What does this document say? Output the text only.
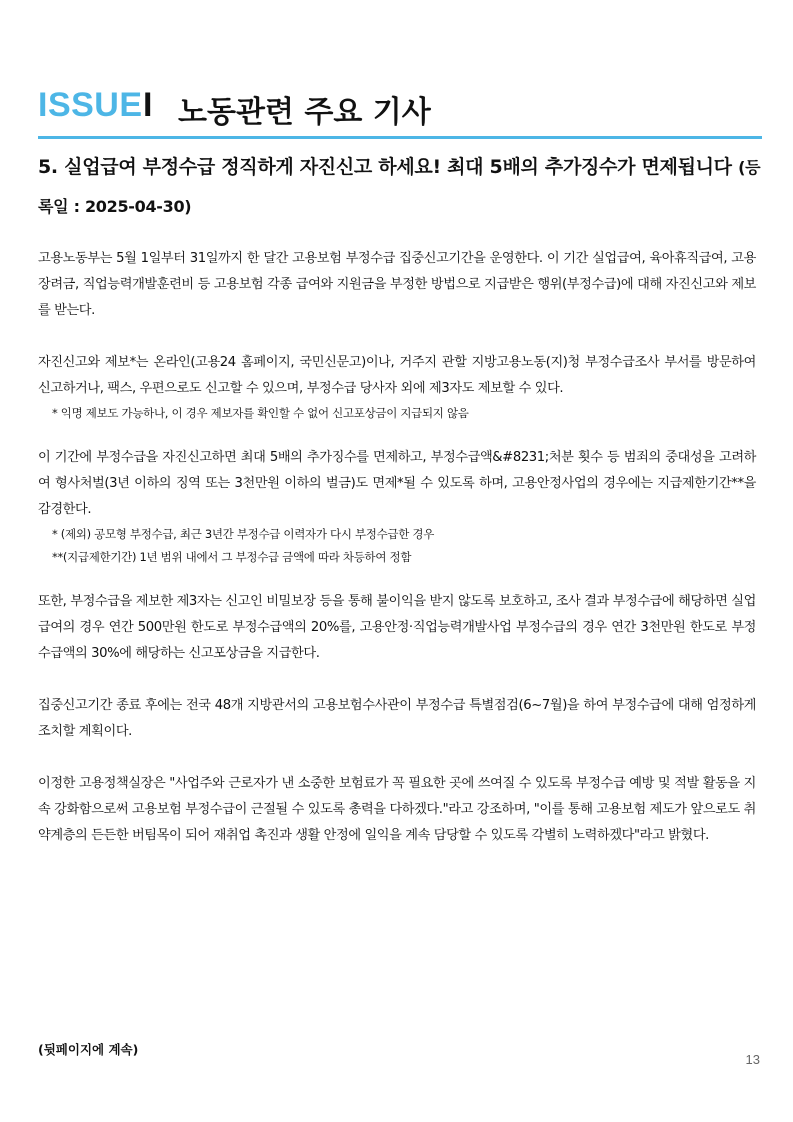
ISSUE I 노동관련 주요 기사
5. 실업급여 부정수급 정직하게 자진신고 하세요! 최대 5배의 추가징수가 면제됩니다 (등록일 : 2025-04-30)

고용노동부는 5월 1일부터 31일까지 한 달간 고용보험 부정수급 집중신고기간을 운영한다. 이 기간 실업급여, 육아휴직급여, 고용장려금, 직업능력개발훈련비 등 고용보험 각종 급여와 지원금을 부정한 방법으로 지급받은 행위(부정수급)에 대해 자진신고와 제보를 받는다.

자진신고와 제보*는 온라인(고용24 홈페이지, 국민신문고)이나, 거주지 관할 지방고용노동(지)청 부정수급조사 부서를 방문하여 신고하거나, 팩스, 우편으로도 신고할 수 있으며, 부정수급 당사자 외에 제3자도 제보할 수 있다.

* 익명 제보도 가능하나, 이 경우 제보자를 확인할 수 없어 신고포상금이 지급되지 않음

이 기간에 부정수급을 자진신고하면 최대 5배의 추가징수를 면제하고, 부정수급액&#8231;처분 횟수 등 범죄의 중대성을 고려하여 형사처벌(3년 이하의 징역 또는 3천만원 이하의 벌금)도 면제*될 수 있도록 하며, 고용안정사업의 경우에는 지급제한기간**을 감경한다.

* (제외) 공모형 부정수급, 최근 3년간 부정수급 이력자가 다시 부정수급한 경우
**(지급제한기간) 1년 범위 내에서 그 부정수급 금액에 따라 차등하여 정함

또한, 부정수급을 제보한 제3자는 신고인 비밀보장 등을 통해 불이익을 받지 않도록 보호하고, 조사 결과 부정수급에 해당하면 실업급여의 경우 연간 500만원 한도로 부정수급액의 20%를, 고용안정·직업능력개발사업 부정수급의 경우 연간 3천만원 한도로 부정수급액의 30%에 해당하는 신고포상금을 지급한다.

집중신고기간 종료 후에는 전국 48개 지방관서의 고용보험수사관이 부정수급 특별점검(6~7월)을 하여 부정수급에 대해 엄정하게 조치할 계획이다.

이정한 고용정책실장은 "사업주와 근로자가 낸 소중한 보험료가 꼭 필요한 곳에 쓰여질 수 있도록 부정수급 예방 및 적발 활동을 지속 강화함으로써 고용보험 부정수급이 근절될 수 있도록 총력을 다하겠다."라고 강조하며, "이를 통해 고용보험 제도가 앞으로도 취약계층의 든든한 버팀목이 되어 재취업 촉진과 생활 안정에 일익을 계속 담당할 수 있도록 각별히 노력하겠다"라고 밝혔다.

(뒷페이지에 계속)
13
